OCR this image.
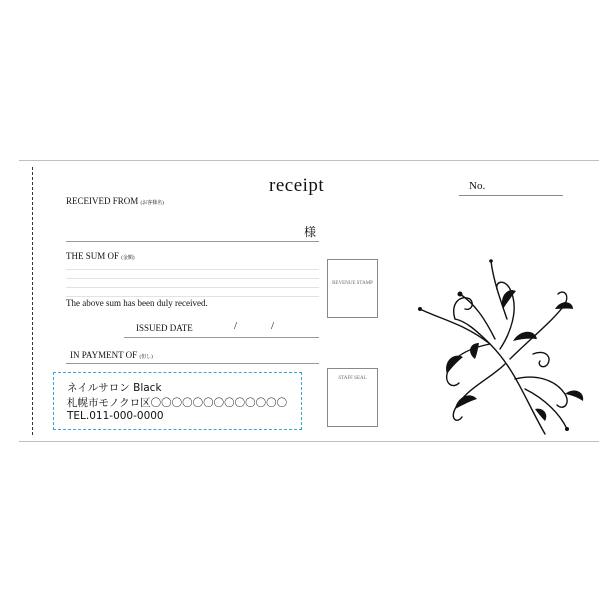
receipt	No.
RECEIVED FROM (お客様名)
様
THE SUM OF (金額)
The above sum has been duly received.
ISSUED DATE	/	/
IN PAYMENT OF (但し)
REVENUE STAMP
STAFF SEAL
ネイルサロン Black
札幌市モノクロ区〇〇〇〇〇〇〇〇〇〇〇〇〇
TEL.011-000-0000
